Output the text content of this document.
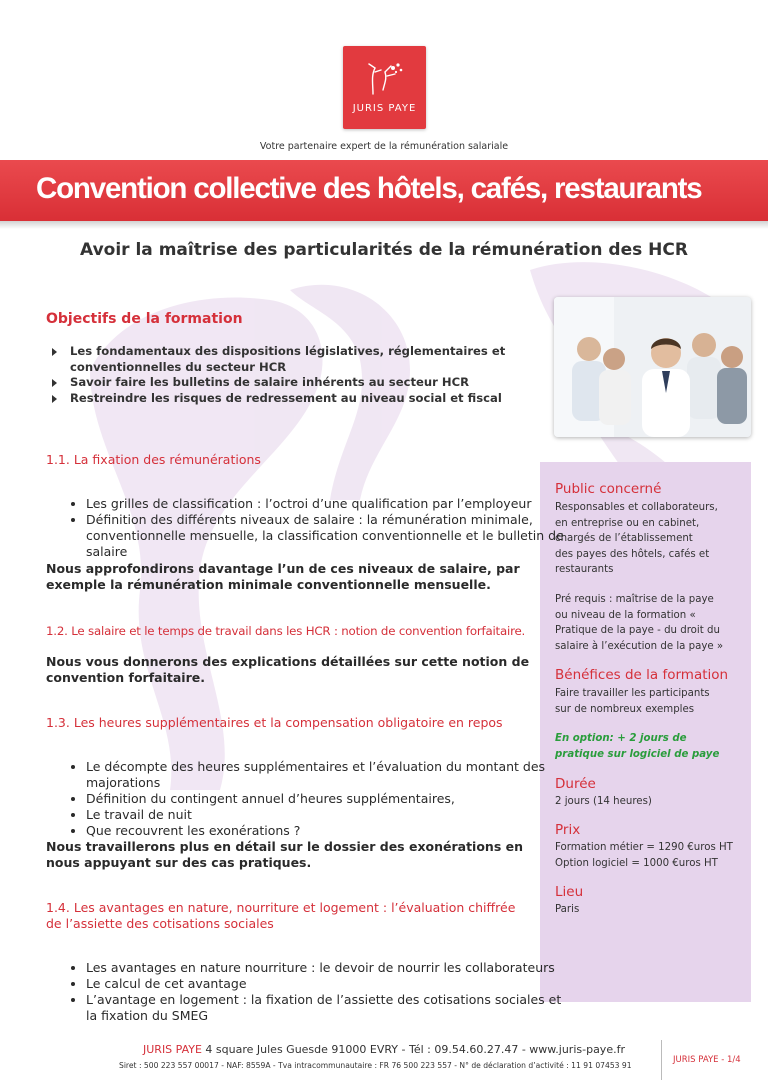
JURIS PAYE
Votre partenaire expert de la rémunération salariale
Convention collective des hôtels, cafés, restaurants
Avoir la maîtrise des particularités de la rémunération des HCR
Objectifs de la formation
Les fondamentaux des dispositions législatives, réglementaires et conventionnelles du secteur HCR
Savoir faire les bulletins de salaire inhérents au secteur HCR
Restreindre les risques de redressement au niveau social et fiscal
Public concerné
Responsables et collaborateurs,
en entreprise ou en cabinet,
chargés de l’établissement
des payes des hôtels, cafés et
restaurants
Pré requis : maîtrise de la paye
ou niveau de la formation «
Pratique de la paye - du droit du
salaire à l’exécution de la paye »
Bénéfices de la formation
Faire travailler les participants
sur de nombreux exemples
En option: + 2 jours de
pratique sur logiciel de paye
Durée
2 jours (14 heures)
Prix
Formation métier = 1290 €uros HT
Option logiciel = 1000 €uros HT
Lieu
Paris
1.1. La fixation des rémunérations
• Les grilles de classification : l’octroi d’une qualification par l’employeur
• Définition des différents niveaux de salaire : la rémunération minimale, conventionnelle mensuelle, la classification conventionnelle et le bulletin de salaire
Nous approfondirons davantage l’un de ces niveaux de salaire, par exemple la rémunération minimale conventionnelle mensuelle.
1.2. Le salaire et le temps de travail dans les HCR : notion de convention forfaitaire.
Nous vous donnerons des explications détaillées sur cette notion de convention forfaitaire.
1.3. Les heures supplémentaires et la compensation obligatoire en repos
• Le décompte des heures supplémentaires et l’évaluation du montant des majorations
• Définition du contingent annuel d’heures supplémentaires,
• Le travail de nuit
• Que recouvrent les exonérations ?
Nous travaillerons plus en détail sur le dossier des exonérations en nous appuyant sur des cas pratiques.
1.4. Les avantages en nature, nourriture et logement : l’évaluation chiffrée de l’assiette des cotisations sociales
• Les avantages en nature nourriture : le devoir de nourrir les collaborateurs
• Le calcul de cet avantage
• L’avantage en logement : la fixation de l’assiette des cotisations sociales et la fixation du SMEG
JURIS PAYE 4 square Jules Guesde 91000 EVRY - Tél : 09.54.60.27.47 - www.juris-paye.fr
Siret : 500 223 557 00017 - NAF: 8559A - Tva intracommunautaire : FR 76 500 223 557 - N° de déclaration d’activité : 11 91 07453 91
JURIS PAYE - 1/4
